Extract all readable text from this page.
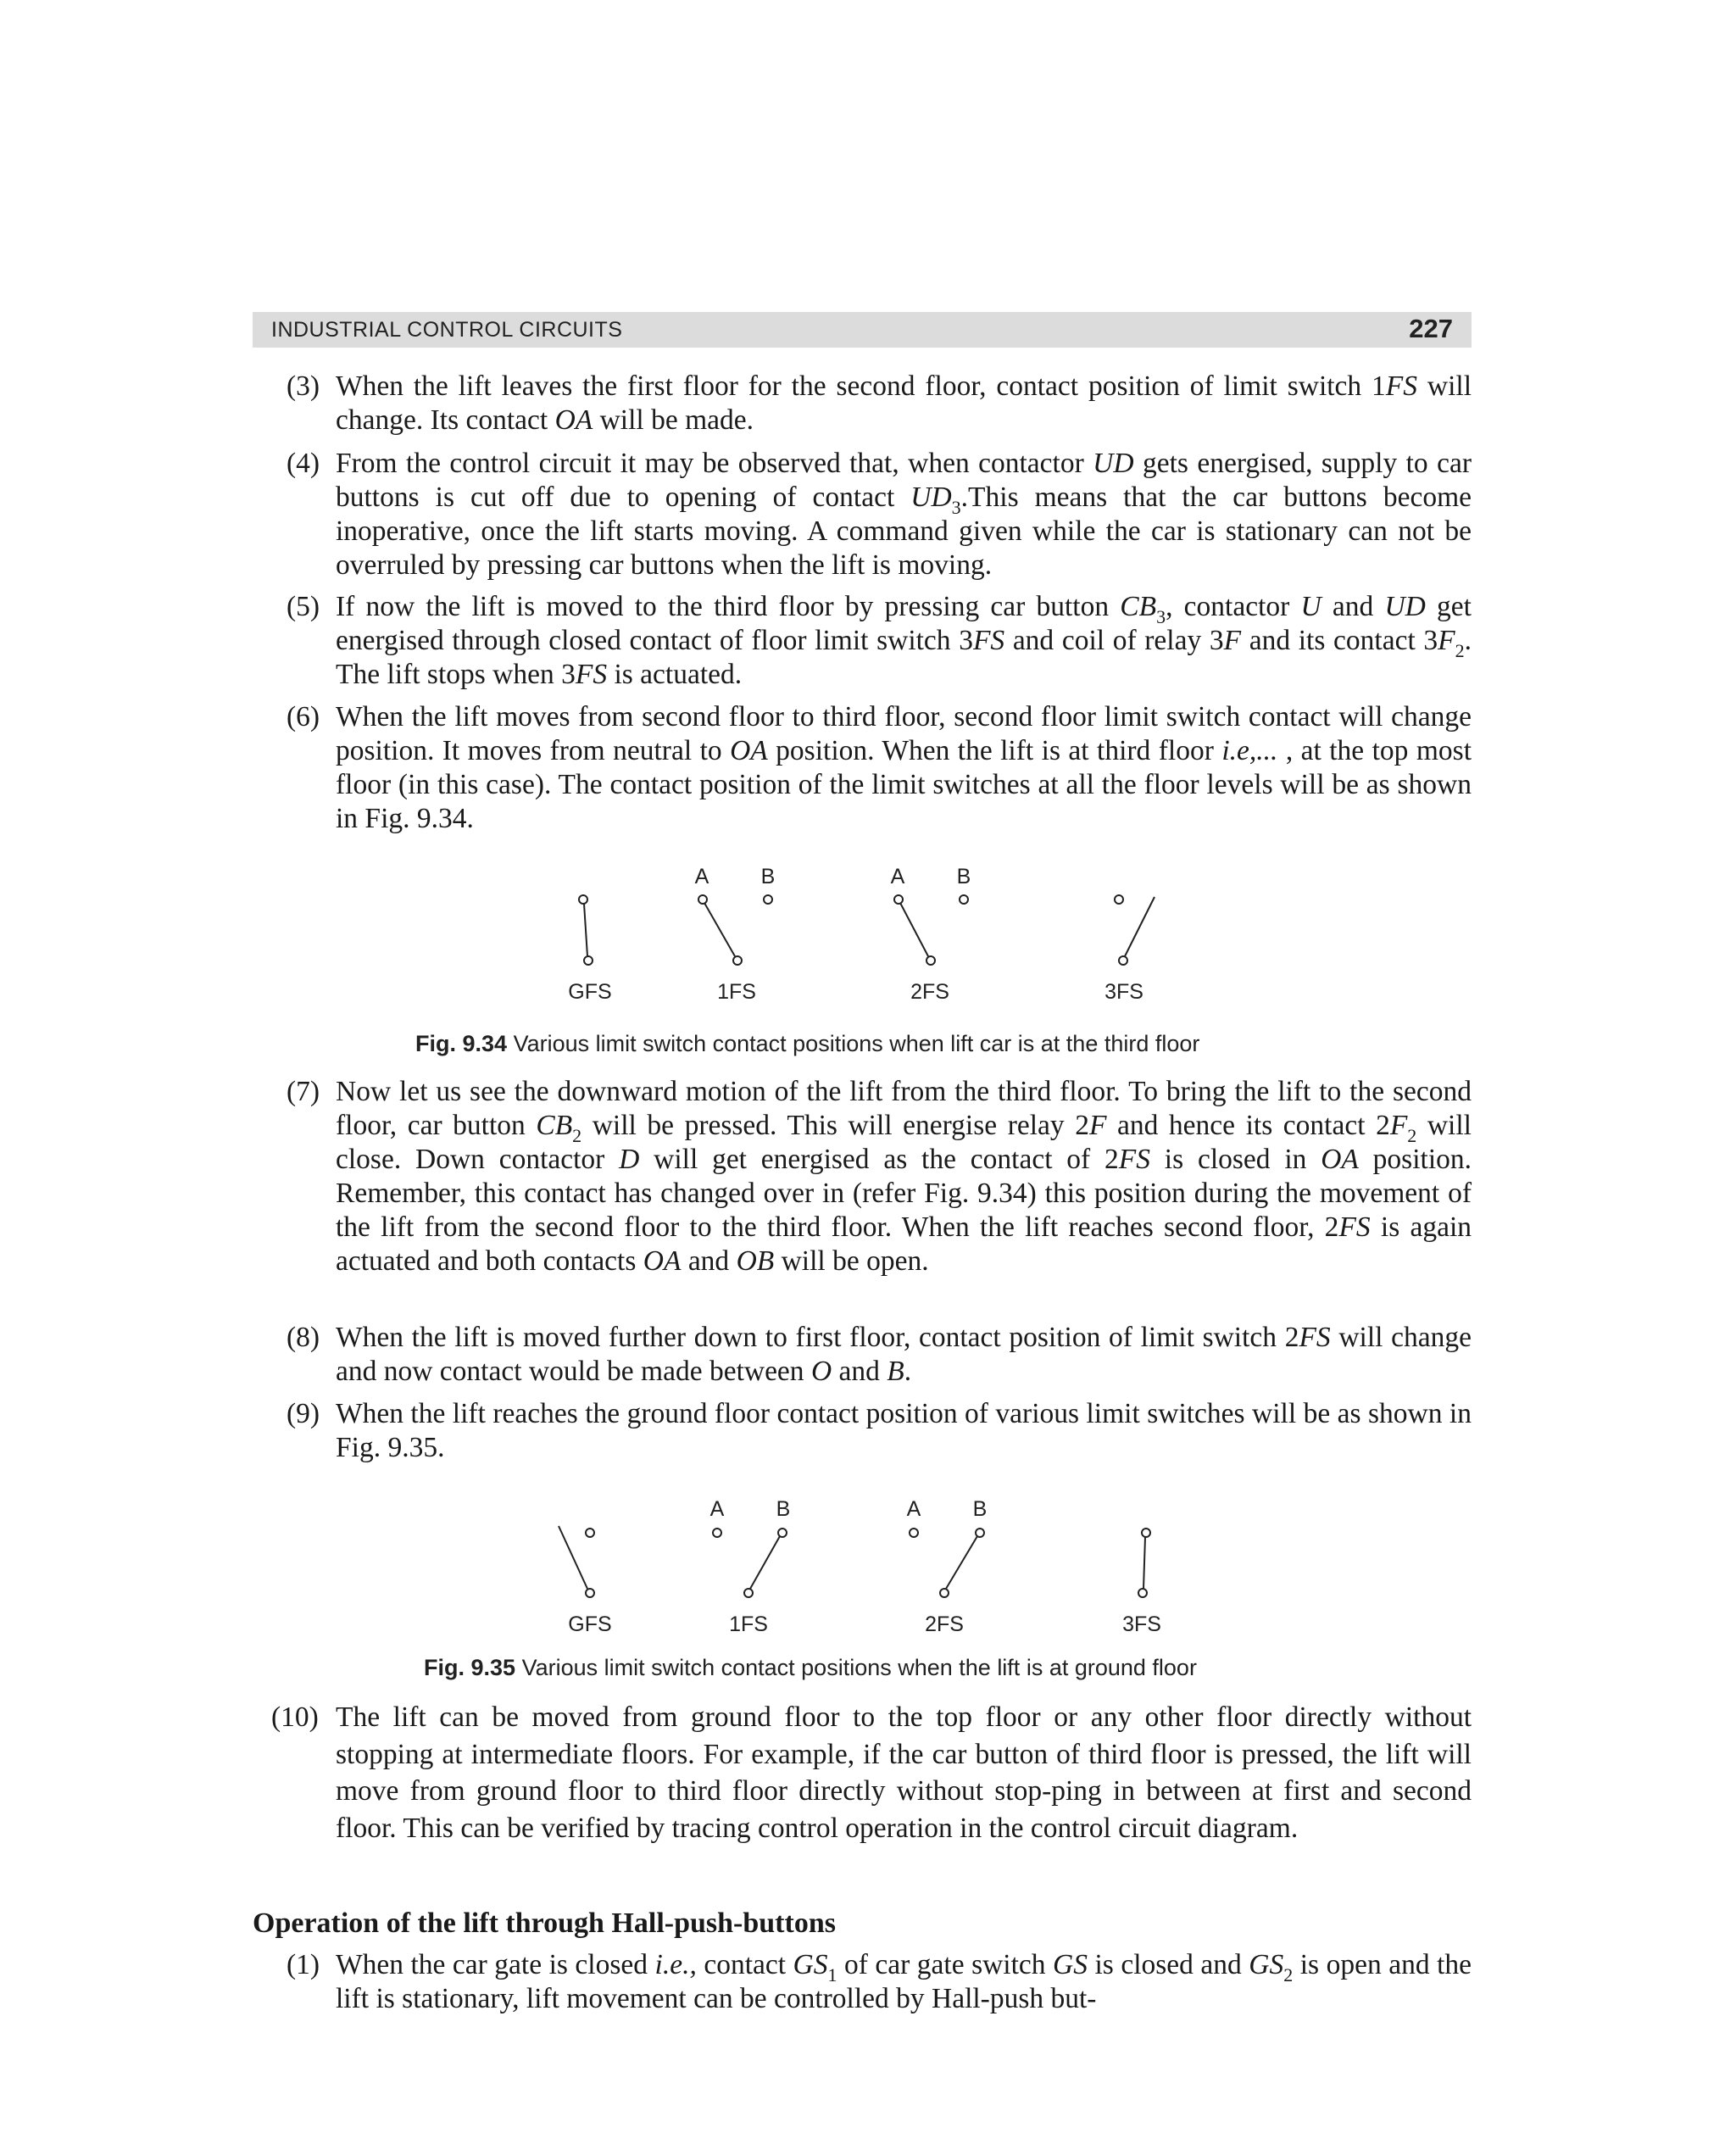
INDUSTRIAL CONTROL CIRCUITS	227
(3) When the lift leaves the first floor for the second floor, contact position of limit switch 1FS will change. Its contact OA will be made.

(4) From the control circuit it may be observed that, when contactor UD gets energised, supply to car buttons is cut off due to opening of contact $UD_3.This$ means that the car buttons become inoperative, once the lift starts moving. A command given while the car is stationary can not be overruled by pressing car buttons when the lift is moving.

(5) If now the lift is moved to the third floor by pressing car button $CB_3$, contactor U and UD get energised through closed contact of floor limit switch 3FS and coil of relay 3F and its contact $3F_2$. The lift stops when 3FS is actuated.

(6) When the lift moves from second floor to third floor, second floor limit switch contact will change position. It moves from neutral to OA position. When the lift is at third floor i.e,... , at the top most floor (in this case). The contact position of the limit switches at all the floor levels will be as shown in Fig. 9.34.

A B	A B
GFS	1FS	2FS	3FS
Fig. 9.34 Various limit switch contact positions when lift car is at the third floor
(7) Now let us see the downward motion of the lift from the third floor. To bring the lift to the second floor, car button $CB_2$ will be pressed. This will energise relay 2F and hence its contact $2F_2$ will close. Down contactor D will get energised as the contact of 2FS is closed in OA position. Remember, this contact has changed over in (refer Fig. 9.34) this position during the movement of the lift from the second floor to the third floor. When the lift reaches second floor, 2FS is again actuated and both contacts OA and OB will be open.

(8) When the lift is moved further down to first floor, contact position of limit switch 2FS will change and now contact would be made between O and B.

(9) When the lift reaches the ground floor contact position of various limit switches will be as shown in Fig. 9.35.

A B	A B
GFS	1FS	2FS	3FS
Fig. 9.35 Various limit switch contact positions when the lift is at ground floor
(10) The lift can be moved from ground floor to the top floor or any other floor directly without stopping at intermediate floors. For example, if the car button of third floor is pressed, the lift will move from ground floor to third floor directly without stop-ping in between at first and second floor. This can be verified by tracing control operation in the control circuit diagram.

Operation of the lift through Hall-push-buttons
(1) When the car gate is closed i.e., contact $GS_1$ of car gate switch GS is closed and $GS_2$ is open and the lift is stationary, lift movement can be controlled by Hall-push but-
